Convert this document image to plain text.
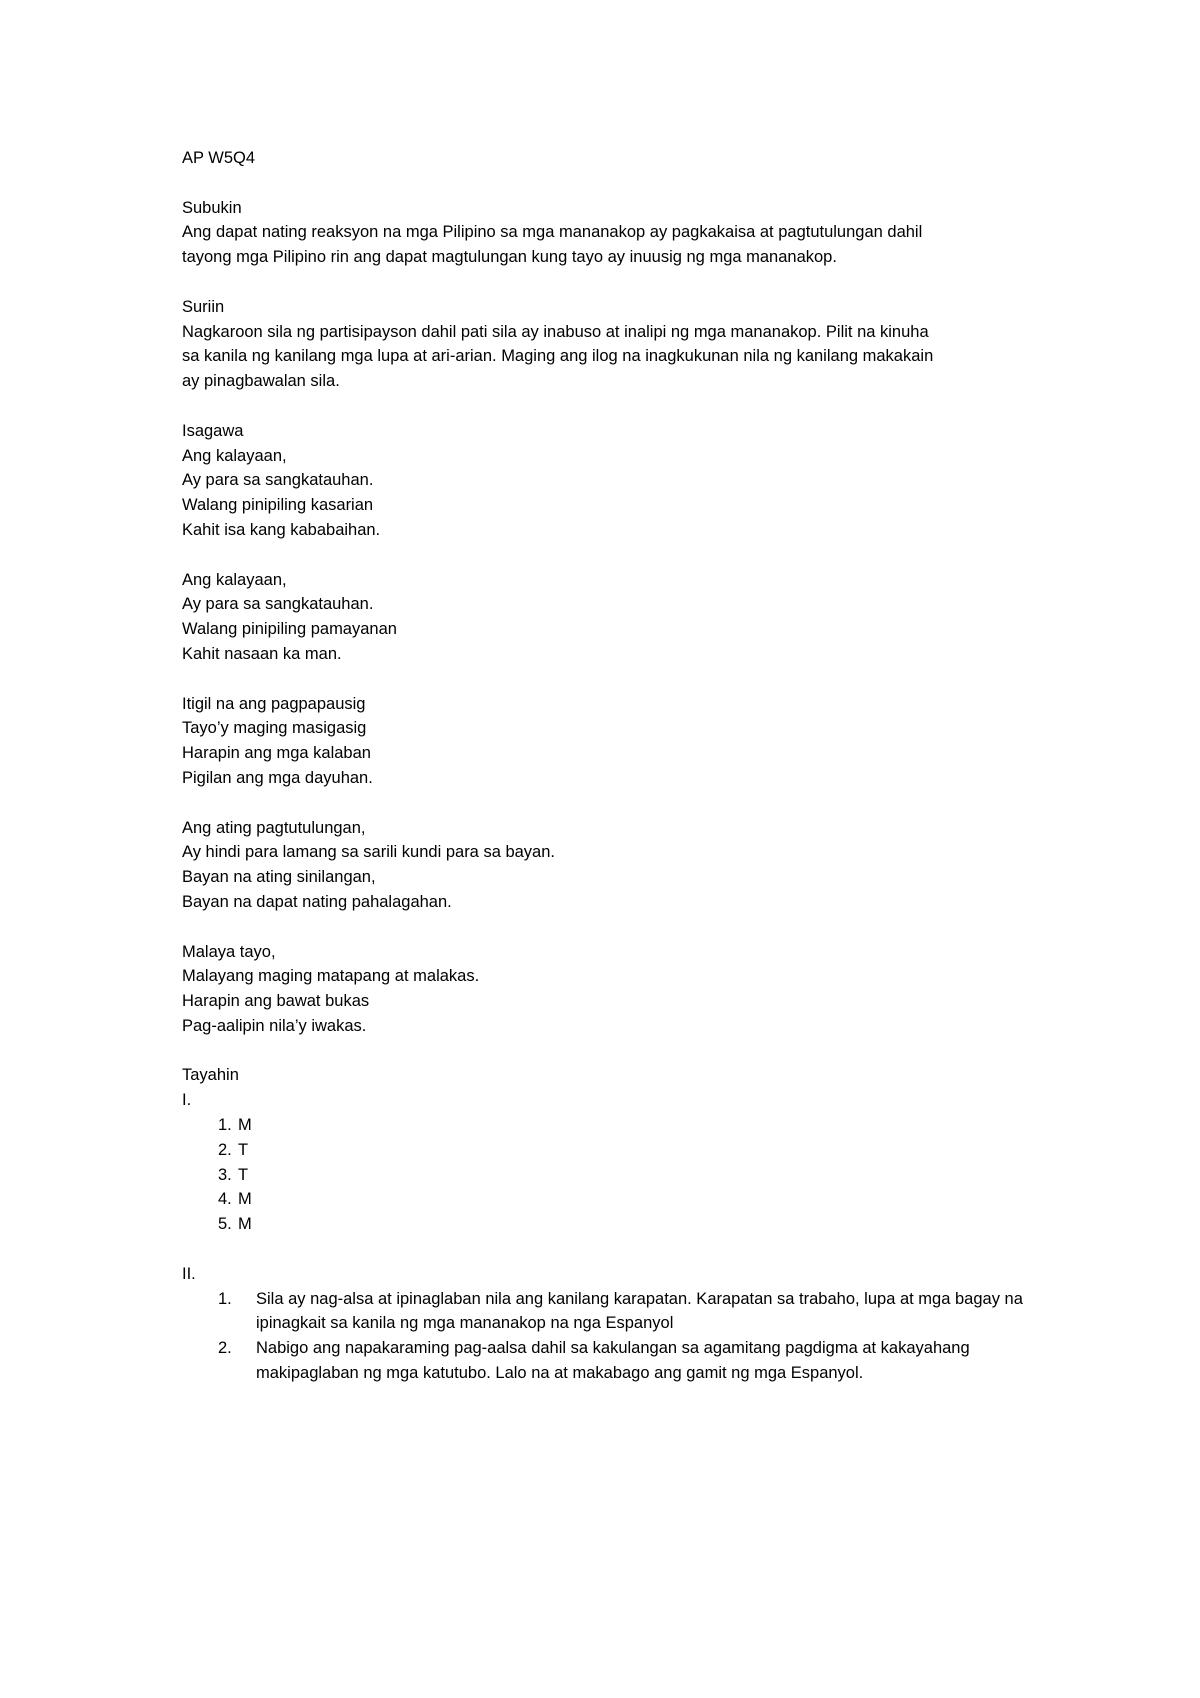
AP W5Q4
Subukin
Ang dapat nating reaksyon na mga Pilipino sa mga mananakop ay pagkakaisa at pagtutulungan dahil
tayong mga Pilipino rin ang dapat magtulungan kung tayo ay inuusig ng mga mananakop.
Suriin
Nagkaroon sila ng partisipayson dahil pati sila ay inabuso at inalipi ng mga mananakop. Pilit na kinuha
sa kanila ng kanilang mga lupa at ari-arian. Maging ang ilog na inagkukunan nila ng kanilang makakain
ay pinagbawalan sila.
Isagawa
Ang kalayaan,
Ay para sa sangkatauhan.
Walang pinipiling kasarian
Kahit isa kang kababaihan.
Ang kalayaan,
Ay para sa sangkatauhan.
Walang pinipiling pamayanan
Kahit nasaan ka man.
Itigil na ang pagpapausig
Tayo’y maging masigasig
Harapin ang mga kalaban
Pigilan ang mga dayuhan.
Ang ating pagtutulungan,
Ay hindi para lamang sa sarili kundi para sa bayan.
Bayan na ating sinilangan,
Bayan na dapat nating pahalagahan.
Malaya tayo,
Malayang maging matapang at malakas.
Harapin ang bawat bukas
Pag-aalipin nila’y iwakas.
Tayahin
I.
1. M
2. T
3. T
4. M
5. M
II.
1. Sila ay nag-alsa at ipinaglaban nila ang kanilang karapatan. Karapatan sa trabaho, lupa at mga bagay na ipinagkait sa kanila ng mga mananakop na nga Espanyol
2. Nabigo ang napakaraming pag-aalsa dahil sa kakulangan sa agamitang pagdigma at kakayahang makipaglaban ng mga katutubo. Lalo na at makabago ang gamit ng mga Espanyol.
